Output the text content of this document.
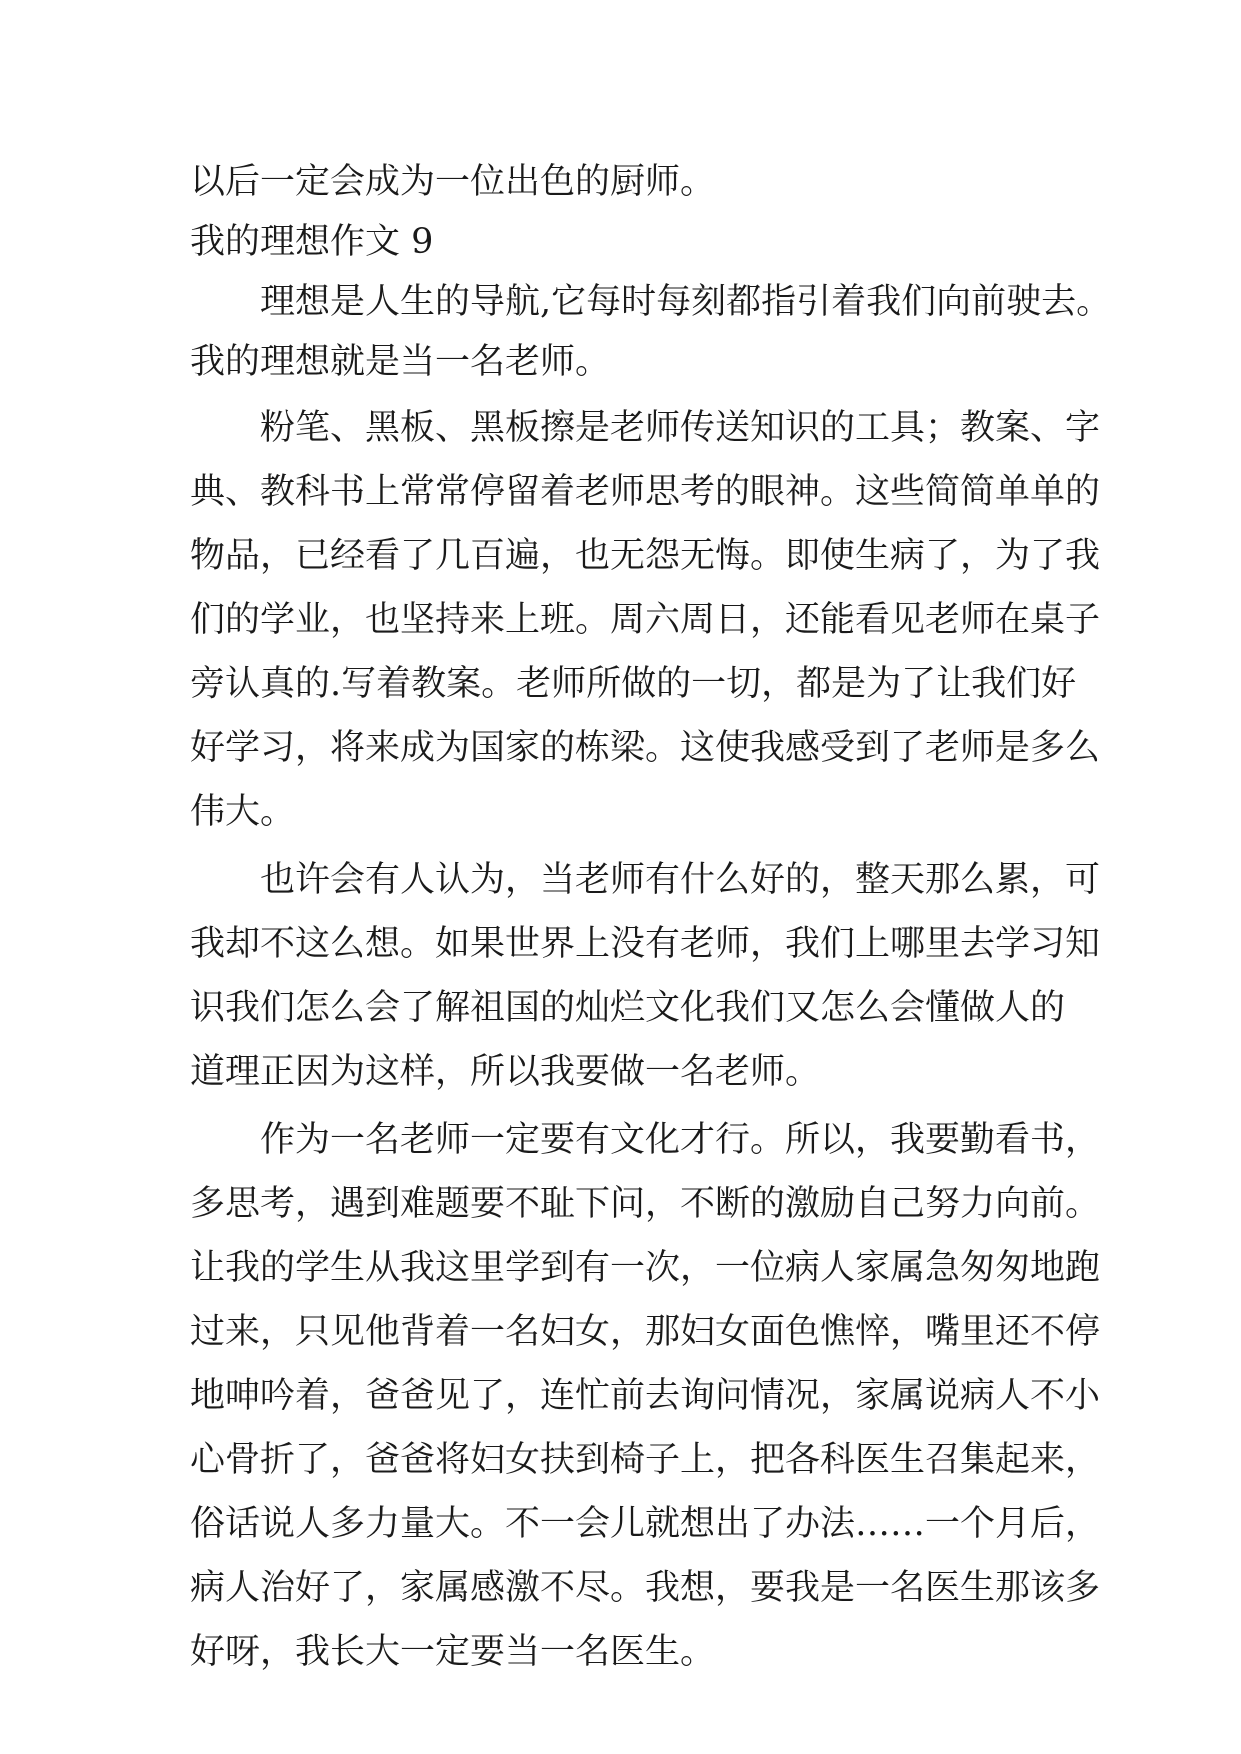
以后一定会成为一位出色的厨师。
我的理想作文 9
理想是人生的导航,它每时每刻都指引着我们向前驶去。
我的理想就是当一名老师。
粉笔、黑板、黑板擦是老师传送知识的工具；教案、字
典、教科书上常常停留着老师思考的眼神。这些简简单单的
物品，已经看了几百遍，也无怨无悔。即使生病了，为了我
们的学业，也坚持来上班。周六周日，还能看见老师在桌子
旁认真的.写着教案。老师所做的一切，都是为了让我们好
好学习，将来成为国家的栋梁。这使我感受到了老师是多么
伟大。
也许会有人认为，当老师有什么好的，整天那么累，可
我却不这么想。如果世界上没有老师，我们上哪里去学习知
识我们怎么会了解祖国的灿烂文化我们又怎么会懂做人的
道理正因为这样，所以我要做一名老师。
作为一名老师一定要有文化才行。所以，我要勤看书，
多思考，遇到难题要不耻下问，不断的激励自己努力向前。
让我的学生从我这里学到有一次，一位病人家属急匆匆地跑
过来，只见他背着一名妇女，那妇女面色憔悴，嘴里还不停
地呻吟着，爸爸见了，连忙前去询问情况，家属说病人不小
心骨折了，爸爸将妇女扶到椅子上，把各科医生召集起来，
俗话说人多力量大。不一会儿就想出了办法……一个月后，
病人治好了，家属感激不尽。我想，要我是一名医生那该多
好呀，我长大一定要当一名医生。
